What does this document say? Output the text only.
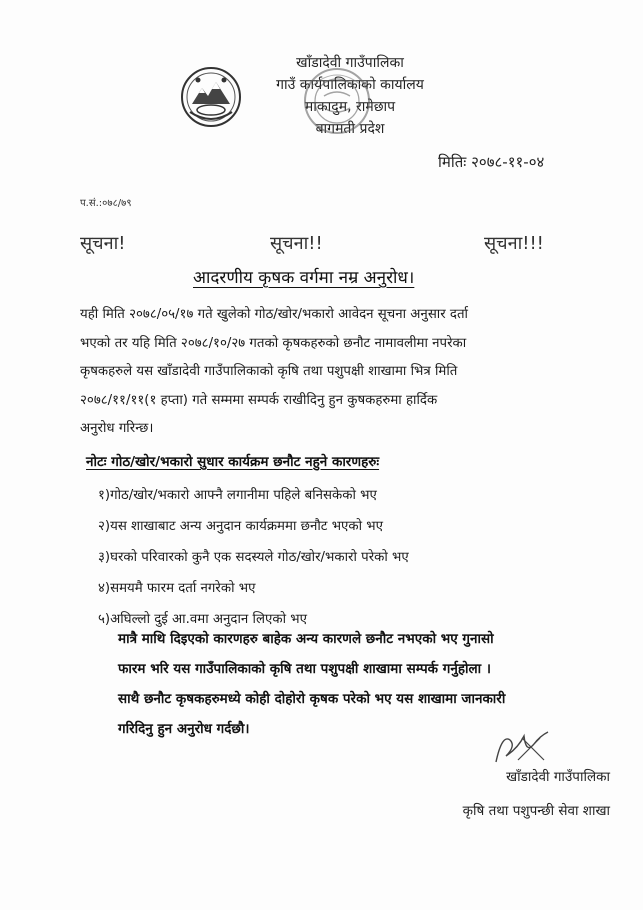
खाँडादेवी गाउँपालिका
गाउँ कार्यपालिकाको कार्यालय
माकादुम, रामेछाप
बागमती प्रदेश
मितिः २०७८-११-०४
प.सं.:०७८/७९
सूचना!	सूचना!!	सूचना!!!
आदरणीय कृषक वर्गमा नम्र अनुरोध।
यही मिति २०७८/०५/१७ गते खुलेको गोठ/खोर/भकारो आवेदन सूचना अनुसार दर्ता
भएको तर यहि मिति २०७८/१०/२७ गतको कृषकहरुको छनौट नामावलीमा नपरेका
कृषकहरुले यस खाँडादेवी गाउँपालिकाको कृषि तथा पशुपक्षी शाखामा भित्र मिति
२०७८/११/११(१ हप्ता) गते सम्ममा सम्पर्क राखीदिनु हुन कुषकहरुमा हार्दिक
अनुरोध गरिन्छ।
नोटः गोठ/खोर/भकारो सुधार कार्यक्रम छनौट नहुने कारणहरुः
१)गोठ/खोर/भकारो आफ्नै लगानीमा पहिले बनिसकेको भए
२)यस शाखाबाट अन्य अनुदान कार्यक्रममा छनौट भएको भए
३)घरको परिवारको कुनै एक सदस्यले गोठ/खोर/भकारो परेको भए
४)समयमै फारम दर्ता नगरेको भए
५)अघिल्लो दुई आ.वमा अनुदान लिएको भए
मात्रै माथि दिइएको कारणहरु बाहेक अन्य कारणले छनौट नभएको भए गुनासो
फारम भरि यस गाउँपालिकाको कृषि तथा पशुपक्षी शाखामा सम्पर्क गर्नुहोला ।
साथै छनौट कृषकहरुमध्ये कोही दोहोरो कृषक परेको भए यस शाखामा जानकारी
गरिदिनु हुन अनुरोध गर्दछौ।
खाँडादेवी गाउँपालिका
कृषि तथा पशुपन्छी सेवा शाखा
